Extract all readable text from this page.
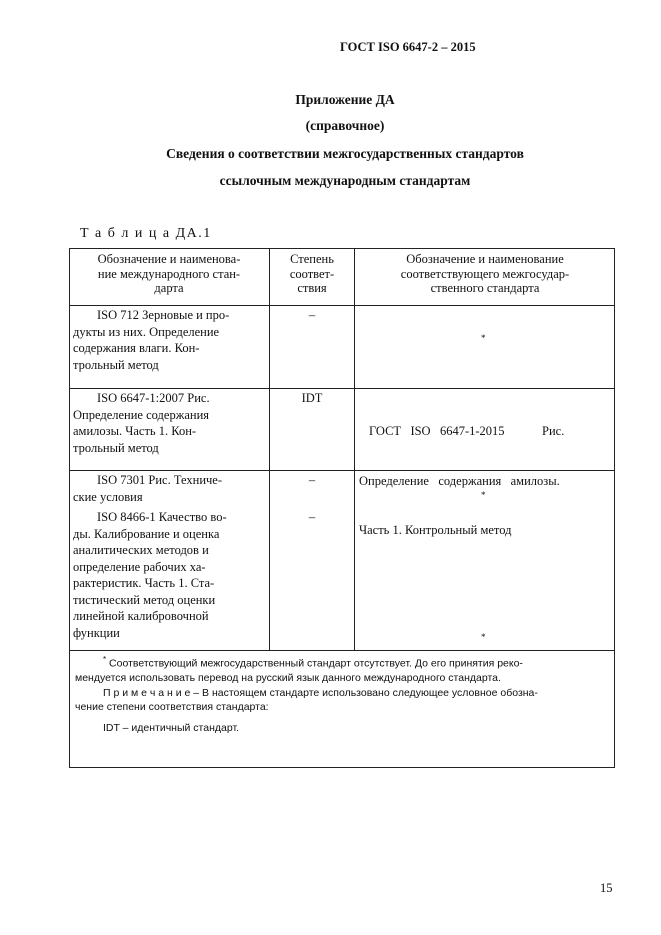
ГОСТ ISO 6647-2 – 2015
Приложение ДА
(справочное)
Сведения о соответствии межгосударственных стандартов
ссылочным международным стандартам
Т а б л и ц а ДА.1
Обозначение и наименова-
ние международного стан-
дарта
Степень
соответ-
ствия
Обозначение и наименование
соответствующего межгосудар-
ственного стандарта
ISO 712 Зерновые и про-
дукты из них. Определение
содержания влаги. Кон-
трольный метод
–
*
ISO 6647-1:2007 Рис.
Определение содержания
амилозы. Часть 1. Кон-
трольный метод
IDT

ГОСТ   ISO   6647-1-2015            Рис.

Определение   содержания   амилозы.

Часть 1. Контрольный метод

ISO 7301 Рис. Техниче-
ские условия
–
*
ISO 8466-1 Качество во-
ды. Калибрование и оценка
аналитических методов и
определение рабочих ха-
рактеристик. Часть 1. Ста-
тистический метод оценки
линейной калибровочной
функции
–
*
* Соответствующий межгосударственный стандарт отсутствует. До его принятия реко-
мендуется использовать перевод на русский язык данного международного стандарта.
П р и м е ч а н и е – В настоящем стандарте использовано следующее условное обозна-
чение степени соответствия стандарта:
IDT – идентичный стандарт.
15
